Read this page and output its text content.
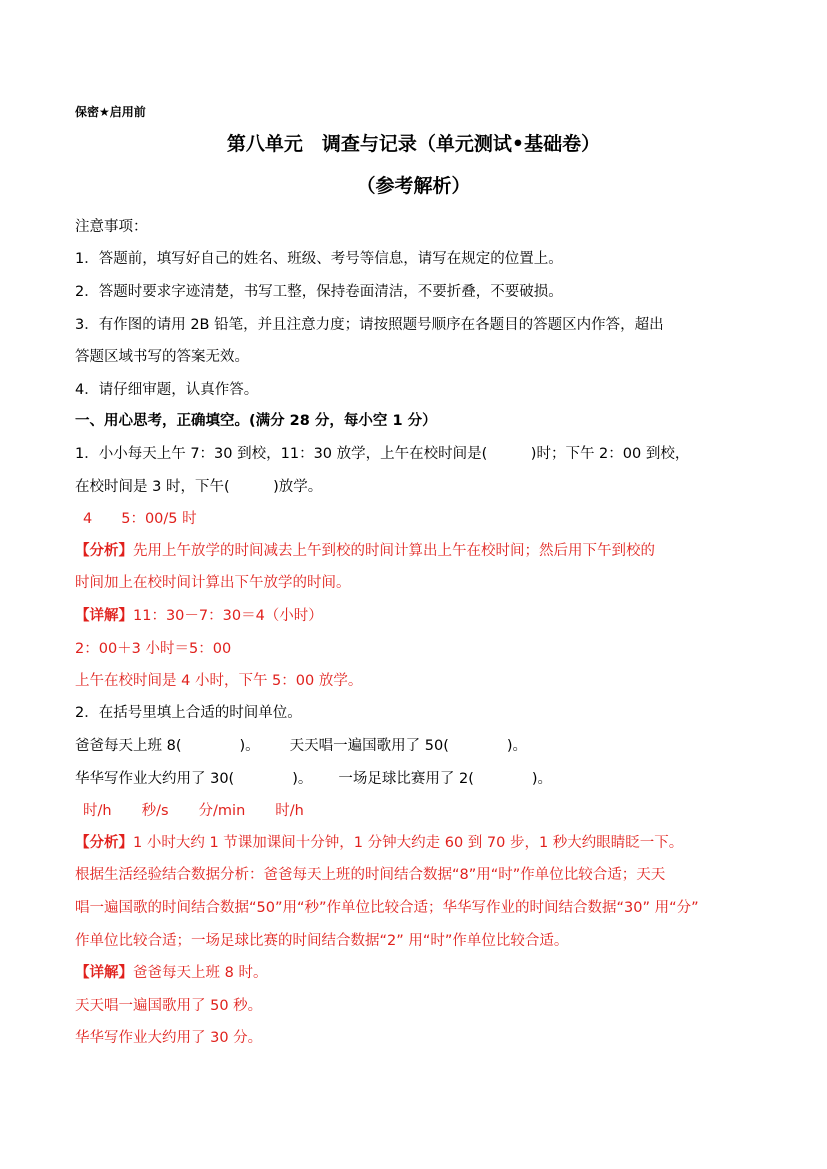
保密★启用前
第八单元　调查与记录（单元测试•基础卷）
（参考解析）
注意事项：
1．答题前，填写好自己的姓名、班级、考号等信息，请写在规定的位置上。
2．答题时要求字迹清楚，书写工整，保持卷面清洁，不要折叠，不要破损。
3．有作图的请用 2B 铅笔，并且注意力度；请按照题号顺序在各题目的答题区内作答，超出
答题区域书写的答案无效。
4．请仔细审题，认真作答。
一、用心思考，正确填空。(满分 28 分，每小空 1 分）
1．小小每天上午 7：30 到校，11：30 放学，上午在校时间是(　　　)时；下午 2：00 到校，
在校时间是 3 时，下午(　　　)放学。
4　　5：00/5 时
【分析】先用上午放学的时间减去上午到校的时间计算出上午在校时间；然后用下午到校的
时间加上在校时间计算出下午放学的时间。
【详解】11：30－7：30＝4（小时）
2：00＋3 小时＝5：00
上午在校时间是 4 小时，下午 5：00 放学。
2．在括号里填上合适的时间单位。
爸爸每天上班 8(　　　　)。 天天唱一遍国歌用了 50(　　　　)。
华华写作业大约用了 30(　　　　)。 一场足球比赛用了 2(　　　　)。
时/h 秒/s 分/min 时/h
【分析】1 小时大约 1 节课加课间十分钟，1 分钟大约走 60 到 70 步，1 秒大约眼睛眨一下。
根据生活经验结合数据分析：爸爸每天上班的时间结合数据“8”用“时”作单位比较合适；天天
唱一遍国歌的时间结合数据“50”用“秒”作单位比较合适；华华写作业的时间结合数据“30” 用“分”
作单位比较合适；一场足球比赛的时间结合数据“2” 用“时”作单位比较合适。
【详解】爸爸每天上班 8 时。
天天唱一遍国歌用了 50 秒。
华华写作业大约用了 30 分。
